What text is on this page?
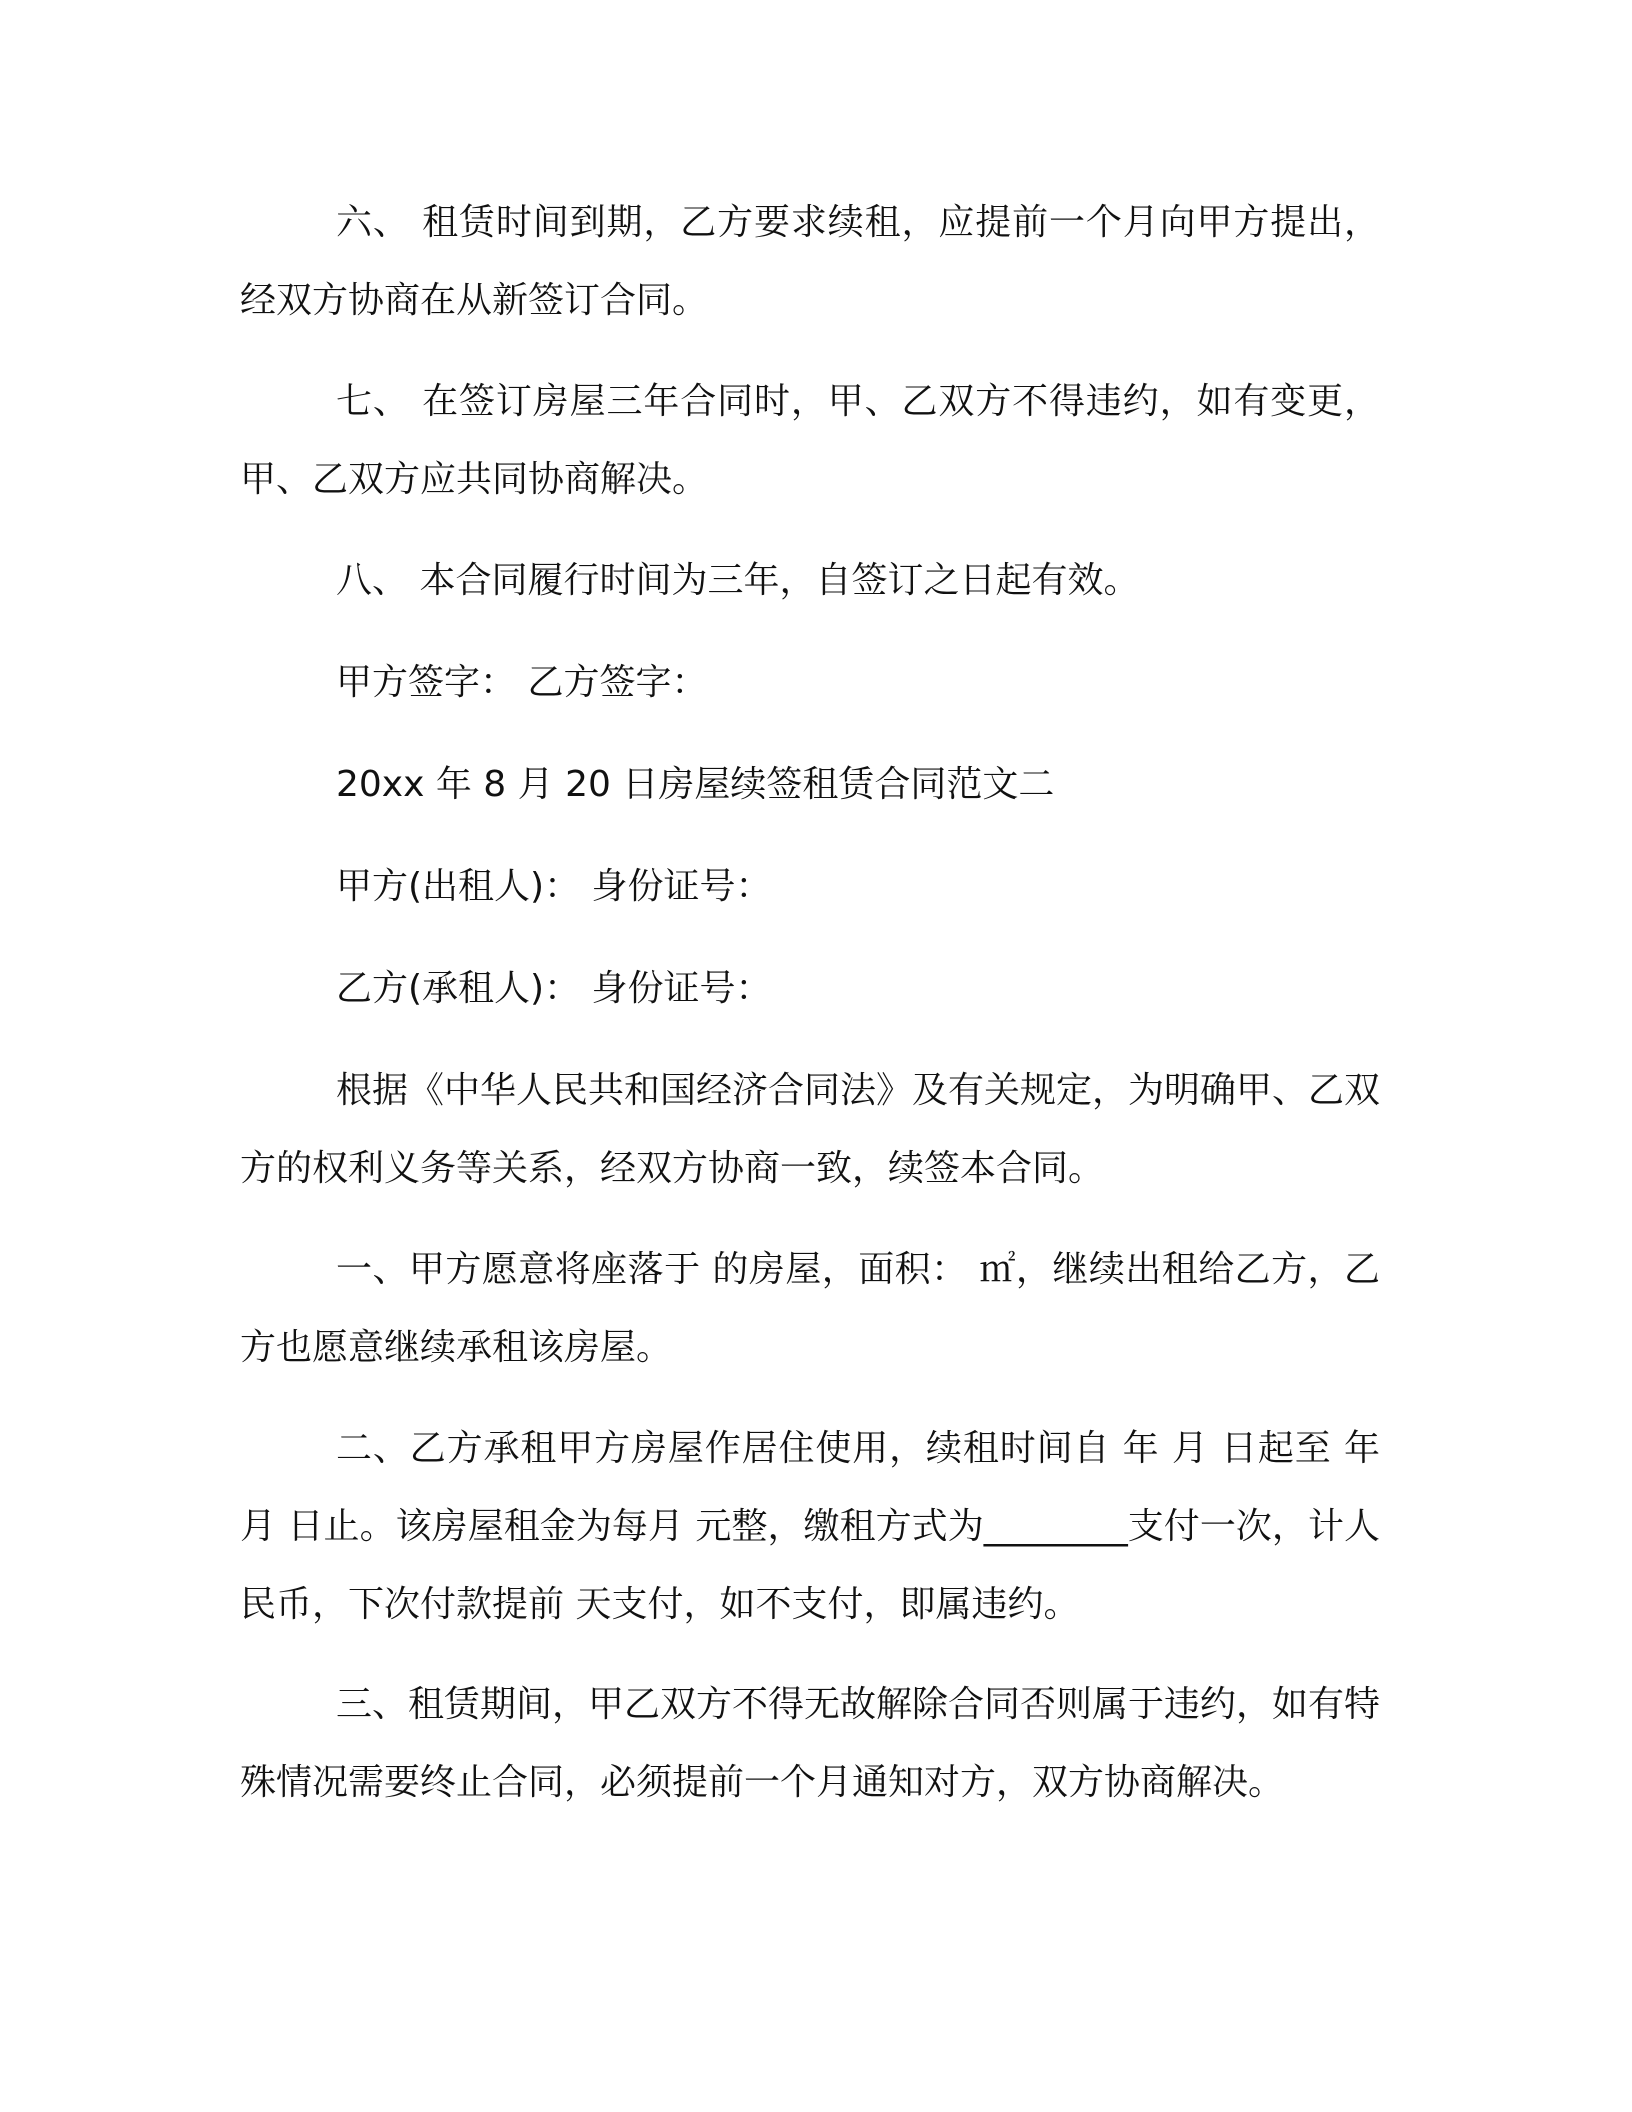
六、 租赁时间到期，乙方要求续租，应提前一个月向甲方提出，经双方协商在从新签订合同。

七、 在签订房屋三年合同时，甲、乙双方不得违约，如有变更，甲、乙双方应共同协商解决。

八、 本合同履行时间为三年，自签订之日起有效。

甲方签字： 乙方签字：

20xx 年 8 月 20 日房屋续签租赁合同范文二

甲方(出租人)： 身份证号：

乙方(承租人)： 身份证号：

根据《中华人民共和国经济合同法》及有关规定，为明确甲、乙双方的权利义务等关系，经双方协商一致，续签本合同。

一、甲方愿意将座落于 的房屋，面积： ㎡，继续出租给乙方，乙方也愿意继续承租该房屋。

二、乙方承租甲方房屋作居住使用，续租时间自 年 月 日起至 年月 日止。该房屋租金为每月 元整，缴租方式为________支付一次，计人民币，下次付款提前 天支付，如不支付，即属违约。

三、租赁期间，甲乙双方不得无故解除合同否则属于违约，如有特殊情况需要终止合同，必须提前一个月通知对方，双方协商解决。
